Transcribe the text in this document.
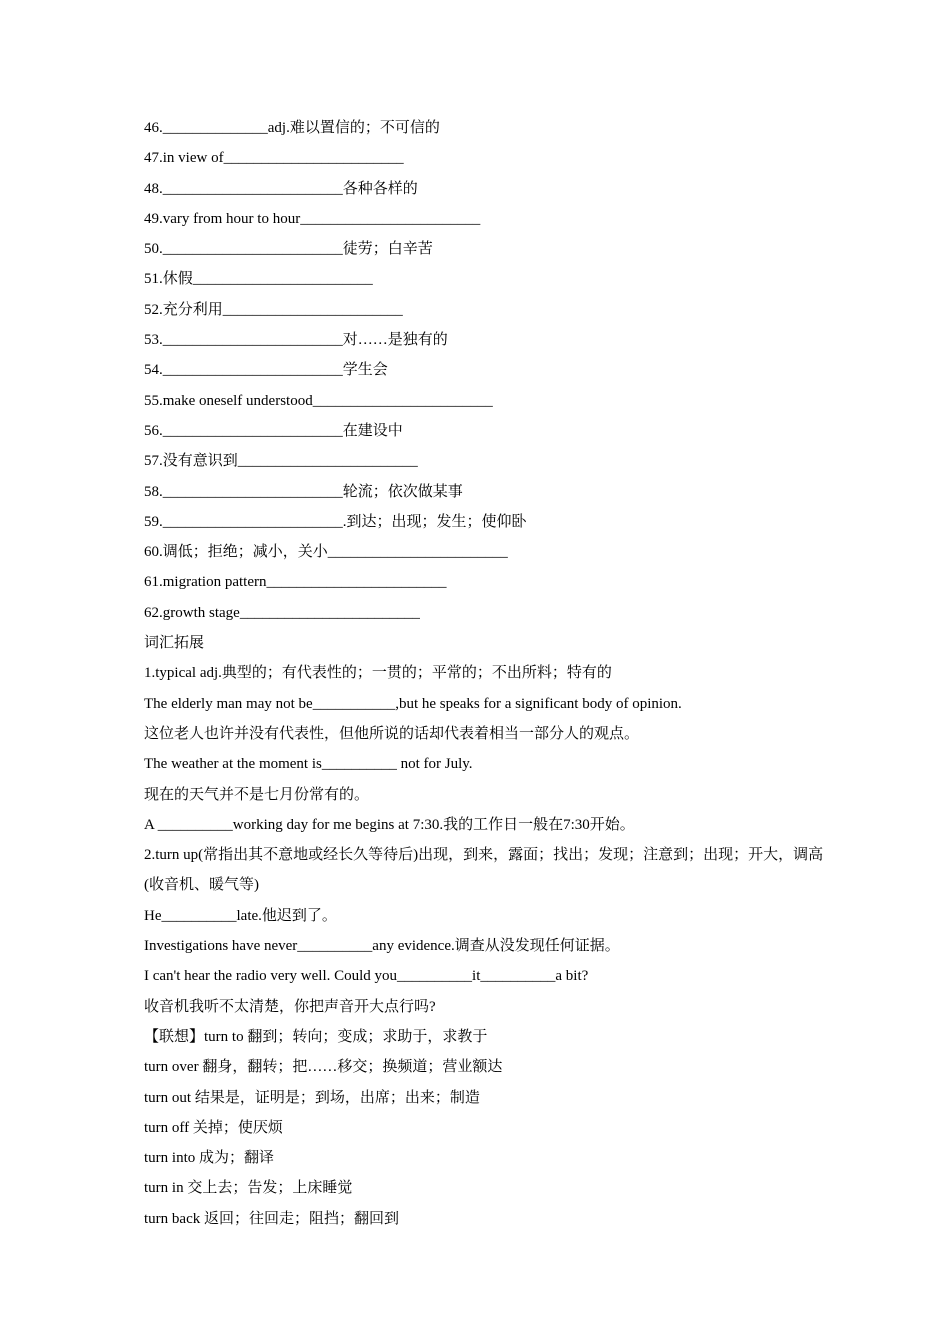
46.______________adj.难以置信的；不可信的
47.in view of________________________
48.________________________各种各样的
49.vary from hour to hour________________________
50.________________________徒劳；白辛苦
51.休假________________________
52.充分利用________________________
53.________________________对……是独有的
54.________________________学生会
55.make oneself understood________________________
56.________________________在建设中
57.没有意识到________________________
58.________________________轮流；依次做某事
59.________________________.到达；出现；发生；使仰卧
60.调低；拒绝；减小，关小________________________
61.migration pattern________________________
62.growth stage________________________
词汇拓展
1.typical adj.典型的；有代表性的；一贯的；平常的；不出所料；特有的
The elderly man may not be___________,but he speaks for a significant body of opinion.
这位老人也许并没有代表性，但他所说的话却代表着相当一部分人的观点。
The weather at the moment is__________ not for July.
现在的天气并不是七月份常有的。
A __________working day for me begins at 7:30.我的工作日一般在7:30开始。
2.turn up(常指出其不意地或经长久等待后)出现，到来，露面；找出；发现；注意到；出现；开大，调高(收音机、暖气等)
He__________late.他迟到了。
Investigations have never__________any evidence.调查从没发现任何证据。
I can't hear the radio very well. Could you__________it__________a bit?
收音机我听不太清楚，你把声音开大点行吗?
【联想】turn to 翻到；转向；变成；求助于，求教于
turn over 翻身，翻转；把……移交；换频道；营业额达
turn out 结果是，证明是；到场，出席；出来；制造
turn off 关掉；使厌烦
turn into 成为；翻译
turn in 交上去；告发；上床睡觉
turn back 返回；往回走；阻挡；翻回到
